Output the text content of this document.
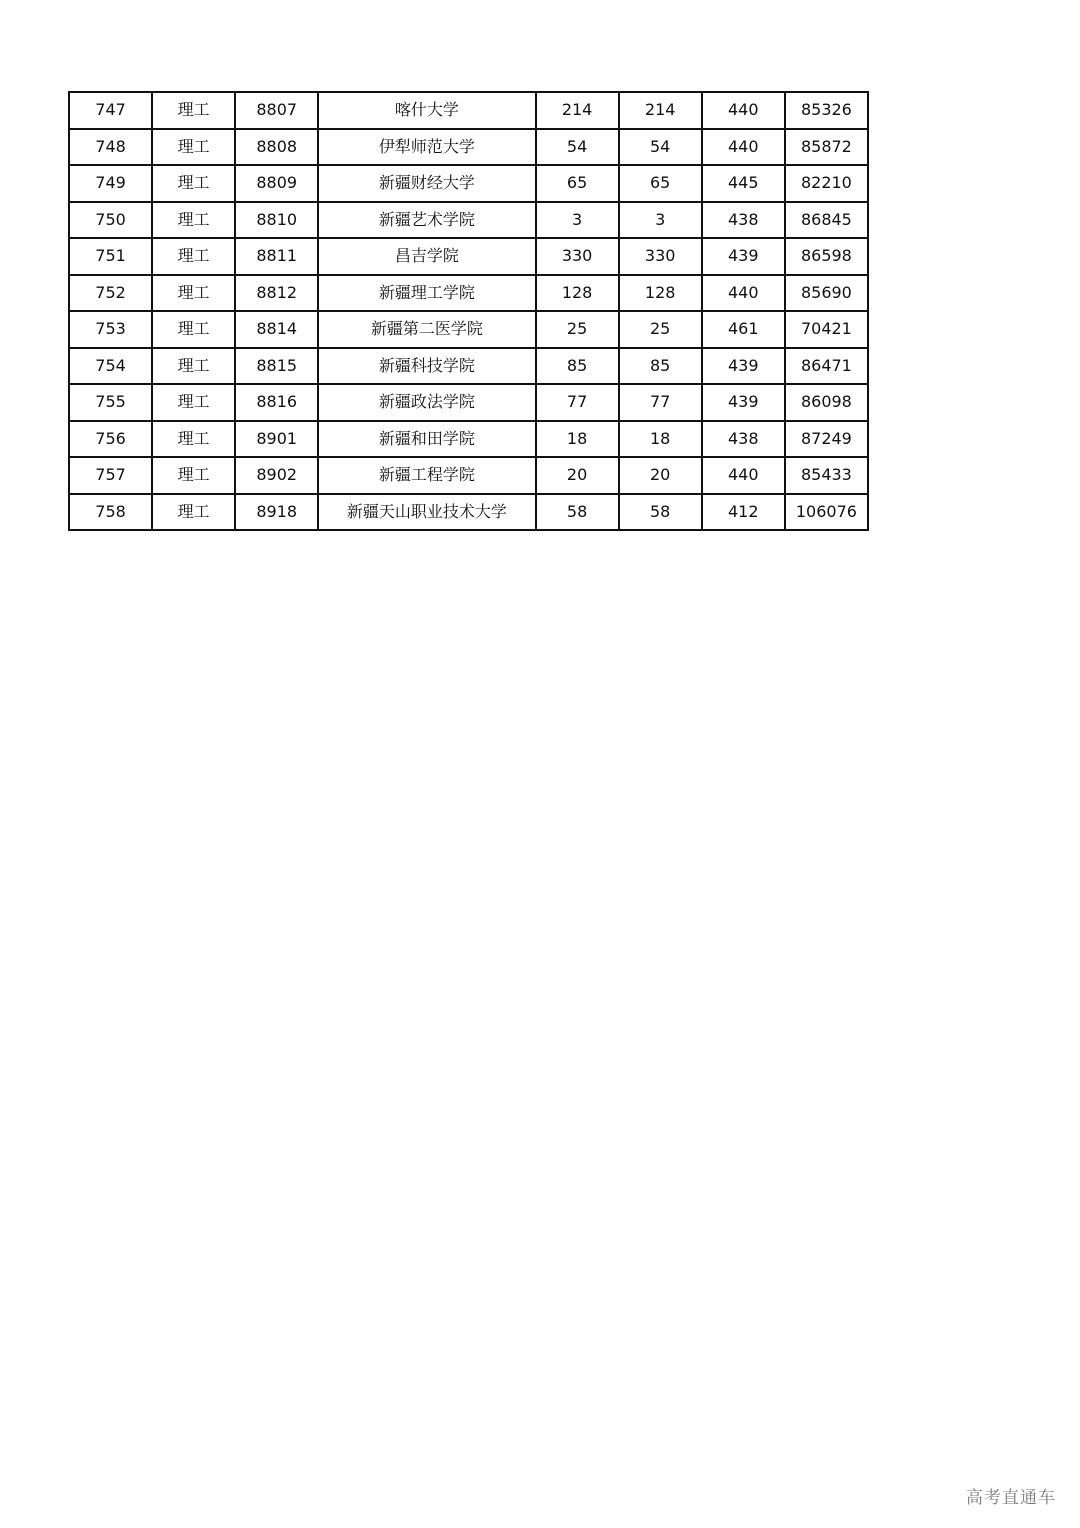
747	理工	8807	喀什大学	214	214	440	85326
748	理工	8808	伊犁师范大学	54	54	440	85872
749	理工	8809	新疆财经大学	65	65	445	82210
750	理工	8810	新疆艺术学院	3	3	438	86845
751	理工	8811	昌吉学院	330	330	439	86598
752	理工	8812	新疆理工学院	128	128	440	85690
753	理工	8814	新疆第二医学院	25	25	461	70421
754	理工	8815	新疆科技学院	85	85	439	86471
755	理工	8816	新疆政法学院	77	77	439	86098
756	理工	8901	新疆和田学院	18	18	438	87249
757	理工	8902	新疆工程学院	20	20	440	85433
758	理工	8918	新疆天山职业技术大学	58	58	412	106076
高考直通车
